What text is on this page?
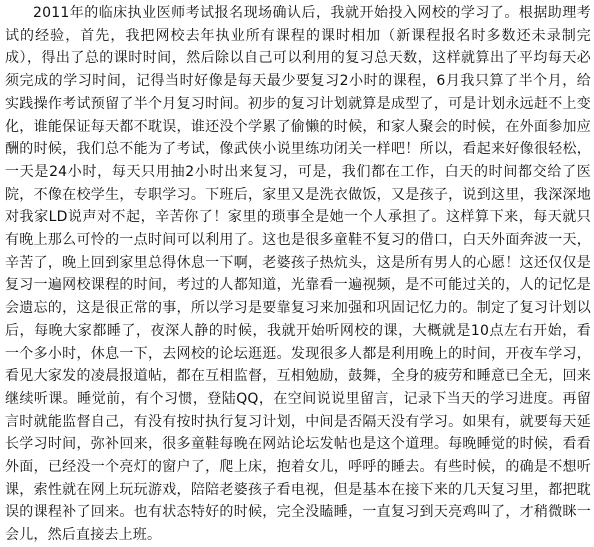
2011年的临床执业医师考试报名现场确认后，我就开始投入网校的学习了。根据助理考试的经验，首先，我把网校去年执业所有课程的课时相加（新课程报名时多数还未录制完成），得出了总的课时时间，然后除以自己可以利用的复习总天数，这样就算出了平均每天必须完成的学习时间，记得当时好像是每天最少要复习2小时的课程，6月我只算了半个月，给实践操作考试预留了半个月复习时间。初步的复习计划就算是成型了，可是计划永远赶不上变化，谁能保证每天都不耽误，谁还没个学累了偷懒的时候，和家人聚会的时候，在外面参加应酬的时候，我们总不能为了考试，像武侠小说里练功闭关一样吧！所以，看起来好像很轻松，一天是24小时，每天只用抽2小时出来复习，可是，我们都在工作，白天的时间都交给了医院，不像在校学生，专职学习。下班后，家里又是洗衣做饭，又是孩子，说到这里，我深深地对我家LD说声对不起，辛苦你了！家里的琐事全是她一个人承担了。这样算下来，每天就只有晚上那么可怜的一点时间可以利用了。这也是很多童鞋不复习的借口，白天外面奔波一天，辛苦了，晚上回到家里总得休息一下啊，老婆孩子热炕头，这是所有男人的心愿！这还仅仅是复习一遍网校课程的时间，考过的人都知道，光靠看一遍视频，是不可能过关的，人的记忆是会遗忘的，这是很正常的事，所以学习是要靠复习来加强和巩固记忆力的。制定了复习计划以后，每晚大家都睡了，夜深人静的时候，我就开始听网校的课，大概就是10点左右开始，看一个多小时，休息一下，去网校的论坛逛逛。发现很多人都是利用晚上的时间，开夜车学习，看见大家发的凌晨报道帖，都在互相监督，互相勉励，鼓舞，全身的疲劳和睡意已全无，回来继续听课。睡觉前，有个习惯，登陆QQ，在空间说说里留言，记录下当天的学习进度。再留言时就能监督自己，有没有按时执行复习计划，中间是否隔天没有学习。如果有，就要每天延长学习时间，弥补回来，很多童鞋每晚在网站论坛发帖也是这个道理。每晚睡觉的时候，看看外面，已经没一个亮灯的窗户了，爬上床，抱着女儿，呼呼的睡去。有些时候，的确是不想听课，索性就在网上玩玩游戏，陪陪老婆孩子看电视，但是基本在接下来的几天复习里，都把耽误的课程补了回来。也有状态特好的时候，完全没瞌睡，一直复习到天亮鸡叫了，才稍微眯一会儿，然后直接去上班。
